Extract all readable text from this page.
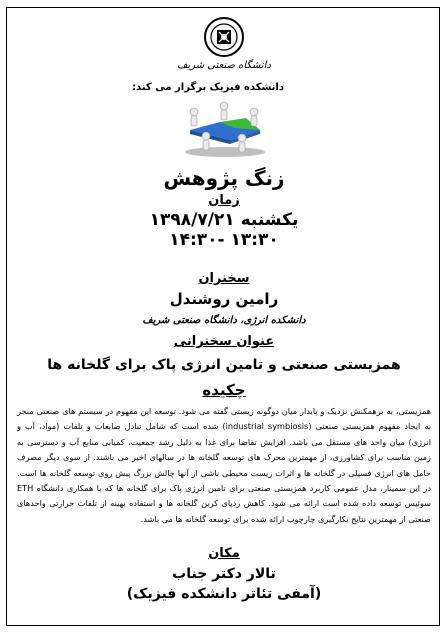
دانشگاه صنعتی شریف
دانشکده فیزیک برگزار می کند:
زنگ پژوهش
زمان
یکشنبه ۱۳۹۸/۷/۲۱
۱۳:۳۰ -۱۴:۳۰
سخنران
رامین روشندل
دانشکده انرژی، دانشگاه صنعتی شریف
عنوان سخنرانی
همزیستی صنعتی و تامین انرژی پاک برای گلخانه ها
چکیده
همزیستی، به برهمکنش نزدیک و پایدار میان دوگونه زیستی گفته می شود. توسعه این مفهوم در سیستم های صنعتی منجر به ایجاد مفهوم همزیستی صنعتی (industrial symbiosis) شده است که شامل تبادل ضایعات و تلفات (مواد، آب و انرژی) میان واحد های مستقل می باشد. افزایش تقاضا برای غذا به دلیل رشد جمعیت، کمیابی منابع آب و دسترسی به زمین مناسب برای کشاورزی، از مهمترین محرک های توسعه گلخانه ها در سالهای اخیر می باشند. از سوی دیگر مصرف حامل های انرژی فسیلی در گلخانه ها و اثرات زیست محیطی ناشی از آنها چالش بزرگ پیش روی توسعه گلخانه ها است. در این سمینار، مدل عمومی کاربرد همزیستی صنعتی برای تامین انرژی پاک برای گلخانه ها که با همکاری دانشگاه ETH سوئیس توسعه داده شده است ارائه می شود. کاهش ردپای کربن گلخانه ها و استفاده بهینه از تلفات حرارتی واحدهای صنعتی از مهمترین نتایج بکارگیری چارچوب ارائه شده برای توسعه گلخانه ها می باشد.
مکان
تالار دکتر جناب
(آمفی تئاتر دانشکده فیزیک)
